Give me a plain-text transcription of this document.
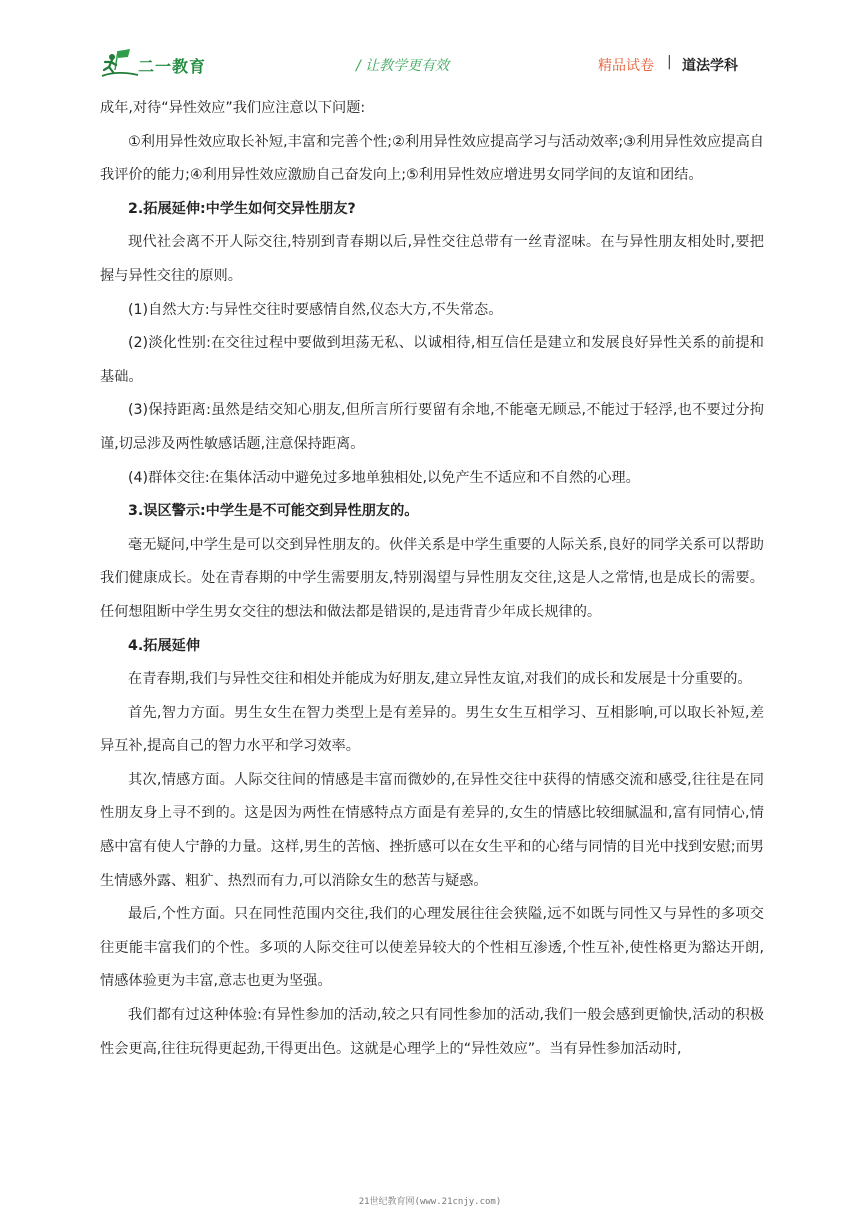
二一教育	/ 让教学更有效	精品试卷 | 道法学科

成年,对待“异性效应”我们应注意以下问题:

①利用异性效应取长补短,丰富和完善个性;②利用异性效应提高学习与活动效率;③利用异性效应提高自我评价的能力;④利用异性效应激励自己奋发向上;⑤利用异性效应增进男女同学间的友谊和团结。

2.拓展延伸:中学生如何交异性朋友?

现代社会离不开人际交往,特别到青春期以后,异性交往总带有一丝青涩味。在与异性朋友相处时,要把握与异性交往的原则。

(1)自然大方:与异性交往时要感情自然,仪态大方,不失常态。

(2)淡化性别:在交往过程中要做到坦荡无私、以诚相待,相互信任是建立和发展良好异性关系的前提和基础。

(3)保持距离:虽然是结交知心朋友,但所言所行要留有余地,不能毫无顾忌,不能过于轻浮,也不要过分拘谨,切忌涉及两性敏感话题,注意保持距离。

(4)群体交往:在集体活动中避免过多地单独相处,以免产生不适应和不自然的心理。

3.误区警示:中学生是不可能交到异性朋友的。

毫无疑问,中学生是可以交到异性朋友的。伙伴关系是中学生重要的人际关系,良好的同学关系可以帮助我们健康成长。处在青春期的中学生需要朋友,特别渴望与异性朋友交往,这是人之常情,也是成长的需要。任何想阻断中学生男女交往的想法和做法都是错误的,是违背青少年成长规律的。

4.拓展延伸

在青春期,我们与异性交往和相处并能成为好朋友,建立异性友谊,对我们的成长和发展是十分重要的。

首先,智力方面。男生女生在智力类型上是有差异的。男生女生互相学习、互相影响,可以取长补短,差异互补,提高自己的智力水平和学习效率。

其次,情感方面。人际交往间的情感是丰富而微妙的,在异性交往中获得的情感交流和感受,往往是在同性朋友身上寻不到的。这是因为两性在情感特点方面是有差异的,女生的情感比较细腻温和,富有同情心,情感中富有使人宁静的力量。这样,男生的苦恼、挫折感可以在女生平和的心绪与同情的目光中找到安慰;而男生情感外露、粗犷、热烈而有力,可以消除女生的愁苦与疑惑。

最后,个性方面。只在同性范围内交往,我们的心理发展往往会狭隘,远不如既与同性又与异性的多项交往更能丰富我们的个性。多项的人际交往可以使差异较大的个性相互渗透,个性互补,使性格更为豁达开朗,情感体验更为丰富,意志也更为坚强。

我们都有过这种体验:有异性参加的活动,较之只有同性参加的活动,我们一般会感到更愉快,活动的积极性会更高,往往玩得更起劲,干得更出色。这就是心理学上的“异性效应”。当有异性参加活动时,

21世纪教育网(www.21cnjy.com)
